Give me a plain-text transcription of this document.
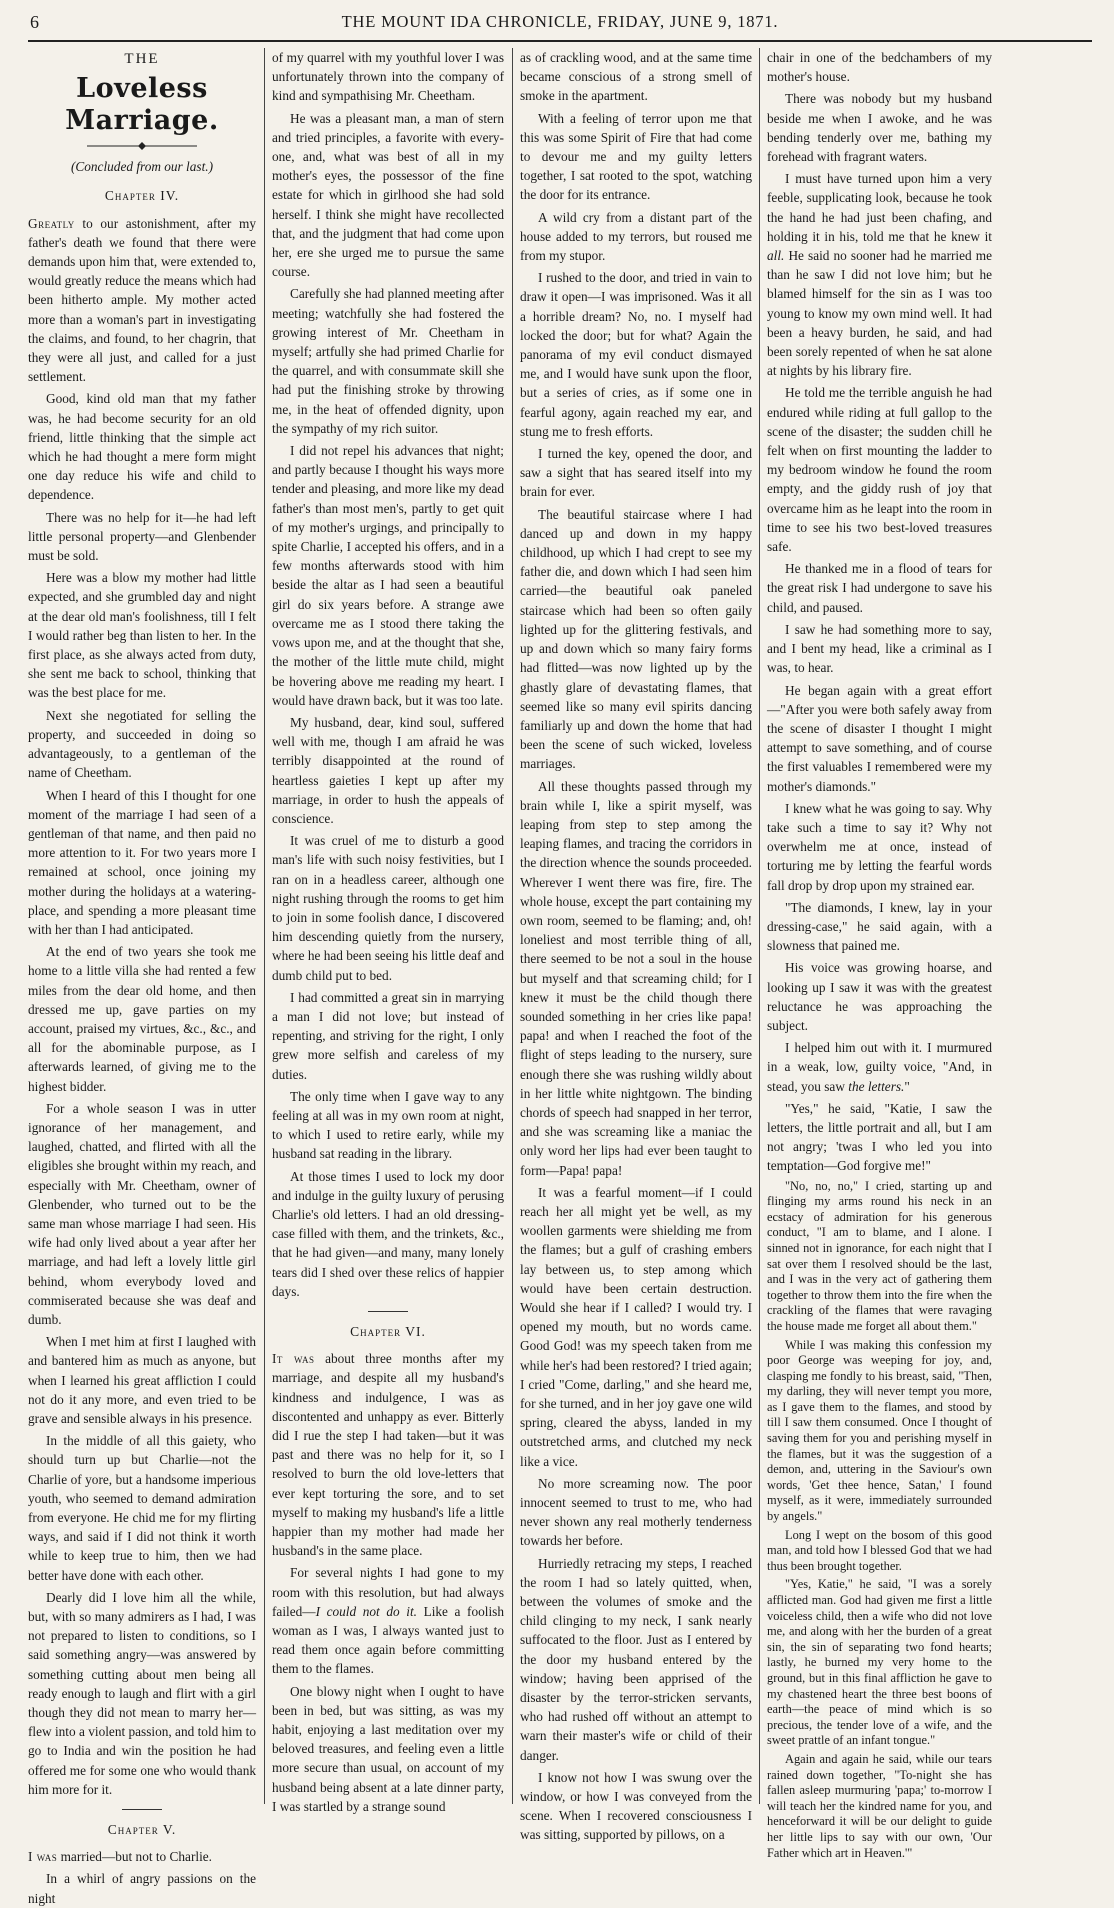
6	THE MOUNT IDA CHRONICLE, FRIDAY, JUNE 9, 1871.
THE
Loveless Marriage.
(Concluded from our last.)
Chapter IV.

Greatly to our astonishment, after my father's death we found that there were demands upon him that, were extended to, would greatly reduce the means which had been hitherto ample. My mother acted more than a woman's part in investigating the claims, and found, to her chagrin, that they were all just, and called for a just settlement.

Good, kind old man that my father was, he had become security for an old friend, little thinking that the simple act which he had thought a mere form might one day reduce his wife and child to dependence.

There was no help for it—he had left little personal property—and Glenbender must be sold.

Here was a blow my mother had little expected, and she grumbled day and night at the dear old man's foolishness, till I felt I would rather beg than listen to her. In the first place, as she always acted from duty, she sent me back to school, thinking that was the best place for me.

Next she negotiated for selling the property, and succeeded in doing so advantageously, to a gentleman of the name of Cheetham.

When I heard of this I thought for one moment of the marriage I had seen of a gentleman of that name, and then paid no more attention to it. For two years more I remained at school, once joining my mother during the holidays at a watering-place, and spending a more pleasant time with her than I had anticipated.

At the end of two years she took me home to a little villa she had rented a few miles from the dear old home, and then dressed me up, gave parties on my account, praised my virtues, &c., &c., and all for the abominable purpose, as I afterwards learned, of giving me to the highest bidder.

For a whole season I was in utter ignorance of her management, and laughed, chatted, and flirted with all the eligibles she brought within my reach, and especially with Mr. Cheetham, owner of Glenbender, who turned out to be the same man whose marriage I had seen. His wife had only lived about a year after her marriage, and had left a lovely little girl behind, whom everybody loved and commiserated because she was deaf and dumb.

When I met him at first I laughed with and bantered him as much as anyone, but when I learned his great affliction I could not do it any more, and even tried to be grave and sensible always in his presence.

In the middle of all this gaiety, who should turn up but Charlie—not the Charlie of yore, but a handsome imperious youth, who seemed to demand admiration from everyone. He chid me for my flirting ways, and said if I did not think it worth while to keep true to him, then we had better have done with each other.

Dearly did I love him all the while, but, with so many admirers as I had, I was not prepared to listen to conditions, so I said something angry—was answered by something cutting about men being all ready enough to laugh and flirt with a girl though they did not mean to marry her—flew into a violent passion, and told him to go to India and win the position he had offered me for some one who would thank him more for it.

Chapter V.

I was married—but not to Charlie.

In a whirl of angry passions on the night

of my quarrel with my youthful lover I was unfortunately thrown into the company of kind and sympathising Mr. Cheetham.

He was a pleasant man, a man of stern and tried principles, a favorite with every-one, and, what was best of all in my mother's eyes, the possessor of the fine estate for which in girlhood she had sold herself. I think she might have recollected that, and the judgment that had come upon her, ere she urged me to pursue the same course.

Carefully she had planned meeting after meeting; watchfully she had fostered the growing interest of Mr. Cheetham in myself; artfully she had primed Charlie for the quarrel, and with consummate skill she had put the finishing stroke by throwing me, in the heat of offended dignity, upon the sympathy of my rich suitor.

I did not repel his advances that night; and partly because I thought his ways more tender and pleasing, and more like my dead father's than most men's, partly to get quit of my mother's urgings, and principally to spite Charlie, I accepted his offers, and in a few months afterwards stood with him beside the altar as I had seen a beautiful girl do six years before. A strange awe overcame me as I stood there taking the vows upon me, and at the thought that she, the mother of the little mute child, might be hovering above me reading my heart. I would have drawn back, but it was too late.

My husband, dear, kind soul, suffered well with me, though I am afraid he was terribly disappointed at the round of heartless gaieties I kept up after my marriage, in order to hush the appeals of conscience.

It was cruel of me to disturb a good man's life with such noisy festivities, but I ran on in a headless career, although one night rushing through the rooms to get him to join in some foolish dance, I discovered him descending quietly from the nursery, where he had been seeing his little deaf and dumb child put to bed.

I had committed a great sin in marrying a man I did not love; but instead of repenting, and striving for the right, I only grew more selfish and careless of my duties.

The only time when I gave way to any feeling at all was in my own room at night, to which I used to retire early, while my husband sat reading in the library.

At those times I used to lock my door and indulge in the guilty luxury of perusing Charlie's old letters. I had an old dressing-case filled with them, and the trinkets, &c., that he had given—and many, many lonely tears did I shed over these relics of happier days.

Chapter VI.

It was about three months after my marriage, and despite all my husband's kindness and indulgence, I was as discontented and unhappy as ever. Bitterly did I rue the step I had taken—but it was past and there was no help for it, so I resolved to burn the old love-letters that ever kept torturing the sore, and to set myself to making my husband's life a little happier than my mother had made her husband's in the same place.

For several nights I had gone to my room with this resolution, but had always failed—I could not do it. Like a foolish woman as I was, I always wanted just to read them once again before committing them to the flames.

One blowy night when I ought to have been in bed, but was sitting, as was my habit, enjoying a last meditation over my beloved treasures, and feeling even a little more secure than usual, on account of my husband being absent at a late dinner party, I was startled by a strange sound

as of crackling wood, and at the same time became conscious of a strong smell of smoke in the apartment.

With a feeling of terror upon me that this was some Spirit of Fire that had come to devour me and my guilty letters together, I sat rooted to the spot, watching the door for its entrance.

A wild cry from a distant part of the house added to my terrors, but roused me from my stupor.

I rushed to the door, and tried in vain to draw it open—I was imprisoned. Was it all a horrible dream? No, no. I myself had locked the door; but for what? Again the panorama of my evil conduct dismayed me, and I would have sunk upon the floor, but a series of cries, as if some one in fearful agony, again reached my ear, and stung me to fresh efforts.

I turned the key, opened the door, and saw a sight that has seared itself into my brain for ever.

The beautiful staircase where I had danced up and down in my happy childhood, up which I had crept to see my father die, and down which I had seen him carried—the beautiful oak paneled staircase which had been so often gaily lighted up for the glittering festivals, and up and down which so many fairy forms had flitted—was now lighted up by the ghastly glare of devastating flames, that seemed like so many evil spirits dancing familiarly up and down the home that had been the scene of such wicked, loveless marriages.

All these thoughts passed through my brain while I, like a spirit myself, was leaping from step to step among the leaping flames, and tracing the corridors in the direction whence the sounds proceeded. Wherever I went there was fire, fire. The whole house, except the part containing my own room, seemed to be flaming; and, oh! loneliest and most terrible thing of all, there seemed to be not a soul in the house but myself and that screaming child; for I knew it must be the child though there sounded something in her cries like papa! papa! and when I reached the foot of the flight of steps leading to the nursery, sure enough there she was rushing wildly about in her little white nightgown. The binding chords of speech had snapped in her terror, and she was screaming like a maniac the only word her lips had ever been taught to form—Papa! papa!

It was a fearful moment—if I could reach her all might yet be well, as my woollen garments were shielding me from the flames; but a gulf of crashing embers lay between us, to step among which would have been certain destruction. Would she hear if I called? I would try. I opened my mouth, but no words came. Good God! was my speech taken from me while her's had been restored? I tried again; I cried "Come, darling," and she heard me, for she turned, and in her joy gave one wild spring, cleared the abyss, landed in my outstretched arms, and clutched my neck like a vice.

No more screaming now. The poor innocent seemed to trust to me, who had never shown any real motherly tenderness towards her before.

Hurriedly retracing my steps, I reached the room I had so lately quitted, when, between the volumes of smoke and the child clinging to my neck, I sank nearly suffocated to the floor. Just as I entered by the door my husband entered by the window; having been apprised of the disaster by the terror-stricken servants, who had rushed off without an attempt to warn their master's wife or child of their danger.

I know not how I was swung over the window, or how I was conveyed from the scene. When I recovered consciousness I was sitting, supported by pillows, on a

chair in one of the bedchambers of my mother's house.

There was nobody but my husband beside me when I awoke, and he was bending tenderly over me, bathing my forehead with fragrant waters.

I must have turned upon him a very feeble, supplicating look, because he took the hand he had just been chafing, and holding it in his, told me that he knew it all. He said no sooner had he married me than he saw I did not love him; but he blamed himself for the sin as I was too young to know my own mind well. It had been a heavy burden, he said, and had been sorely repented of when he sat alone at nights by his library fire.

He told me the terrible anguish he had endured while riding at full gallop to the scene of the disaster; the sudden chill he felt when on first mounting the ladder to my bedroom window he found the room empty, and the giddy rush of joy that overcame him as he leapt into the room in time to see his two best-loved treasures safe.

He thanked me in a flood of tears for the great risk I had undergone to save his child, and paused.

I saw he had something more to say, and I bent my head, like a criminal as I was, to hear.

He began again with a great effort—"After you were both safely away from the scene of disaster I thought I might attempt to save something, and of course the first valuables I remembered were my mother's diamonds."

I knew what he was going to say. Why take such a time to say it? Why not overwhelm me at once, instead of torturing me by letting the fearful words fall drop by drop upon my strained ear.

"The diamonds, I knew, lay in your dressing-case," he said again, with a slowness that pained me.

His voice was growing hoarse, and looking up I saw it was with the greatest reluctance he was approaching the subject.

I helped him out with it. I murmured in a weak, low, guilty voice, "And, in stead, you saw the letters."

"Yes," he said, "Katie, I saw the letters, the little portrait and all, but I am not angry; 'twas I who led you into temptation—God forgive me!"

"No, no, no," I cried, starting up and flinging my arms round his neck in an ecstacy of admiration for his generous conduct, "I am to blame, and I alone. I sinned not in ignorance, for each night that I sat over them I resolved should be the last, and I was in the very act of gathering them together to throw them into the fire when the crackling of the flames that were ravaging the house made me forget all about them."

While I was making this confession my poor George was weeping for joy, and, clasping me fondly to his breast, said, "Then, my darling, they will never tempt you more, as I gave them to the flames, and stood by till I saw them consumed. Once I thought of saving them for you and perishing myself in the flames, but it was the suggestion of a demon, and, uttering in the Saviour's own words, 'Get thee hence, Satan,' I found myself, as it were, immediately surrounded by angels."

Long I wept on the bosom of this good man, and told how I blessed God that we had thus been brought together.

"Yes, Katie," he said, "I was a sorely afflicted man. God had given me first a little voiceless child, then a wife who did not love me, and along with her the burden of a great sin, the sin of separating two fond hearts; lastly, he burned my very home to the ground, but in this final affliction he gave to my chastened heart the three best boons of earth—the peace of mind which is so precious, the tender love of a wife, and the sweet prattle of an infant tongue."

Again and again he said, while our tears rained down together, "To-night she has fallen asleep murmuring 'papa;' to-morrow I will teach her the kindred name for you, and henceforward it will be our delight to guide her little lips to say with our own, 'Our Father which art in Heaven.'"
